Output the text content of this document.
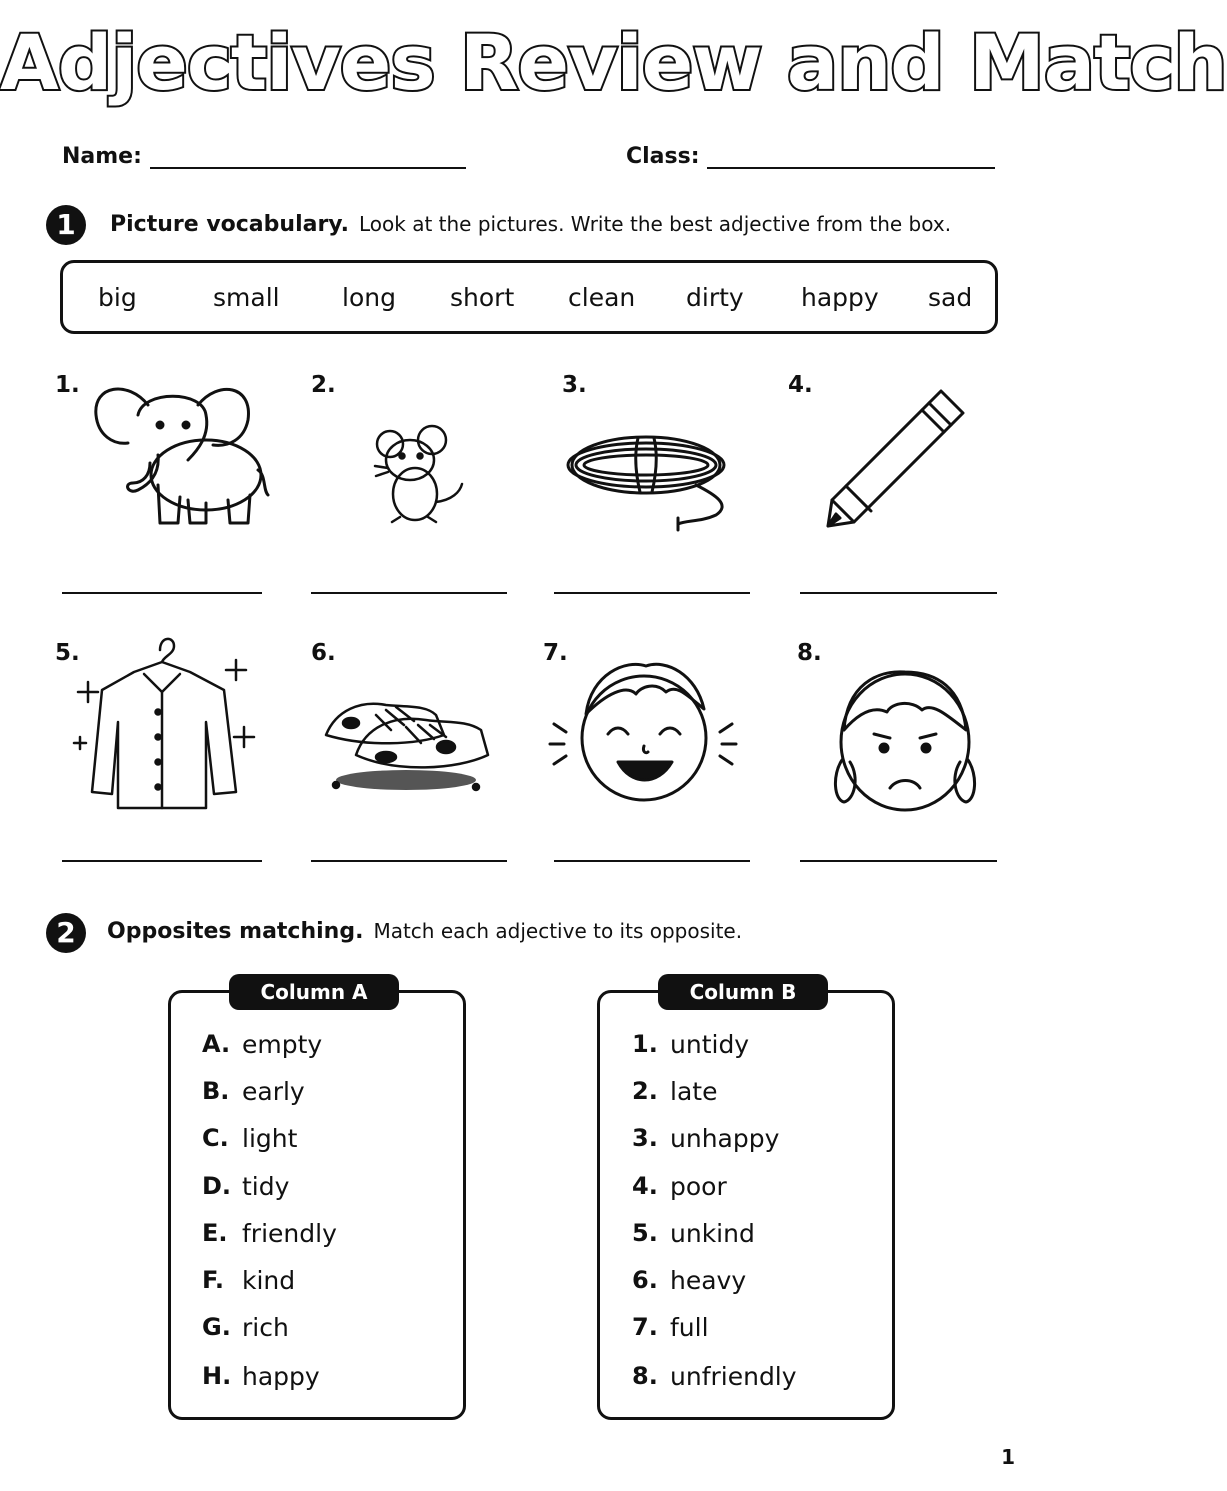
Adjectives Review and Match
Name:	Class:
1	Picture vocabulary. Look at the pictures. Write the best adjective from the box.
big	small long short clean dirty happy sad
1.	2.	3.	4.
5.	6.	7.	8.
2	Opposites matching. Match each adjective to its opposite.
Column A
A. empty
B. early
C. light
D. tidy
E. friendly
F. kind
G. rich
H. happy
Column B
1. untidy
2. late
3. unhappy
4. poor
5. unkind
6. heavy
7. full
8. unfriendly
1
